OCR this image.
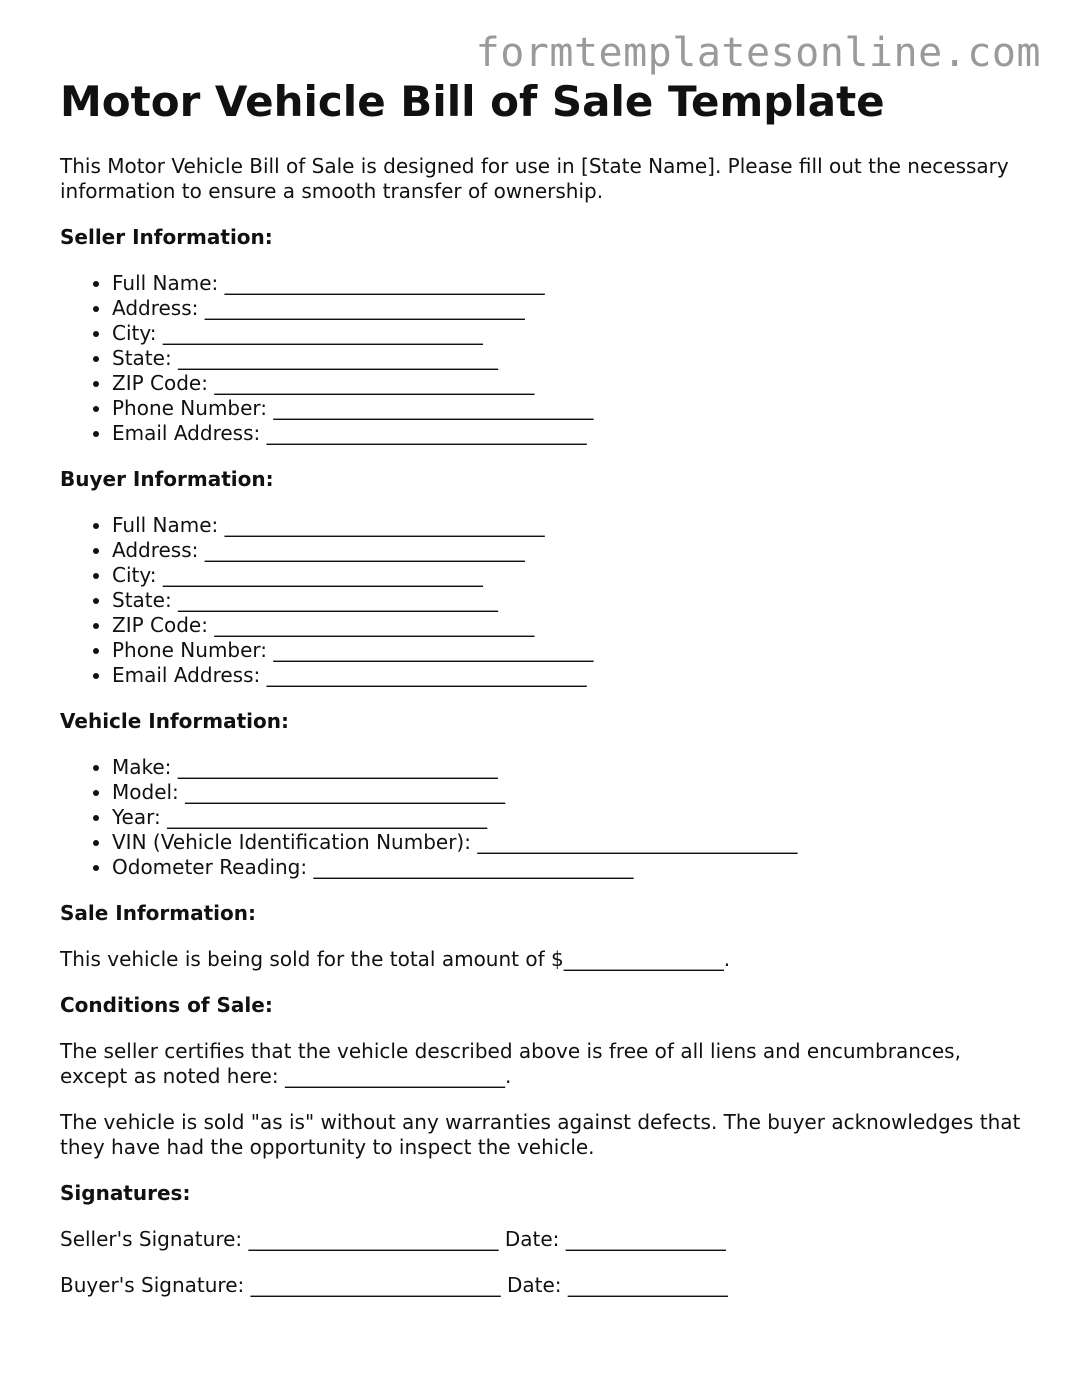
formtemplatesonline.com
Motor Vehicle Bill of Sale Template

This Motor Vehicle Bill of Sale is designed for use in [State Name]. Please fill out the necessary information to ensure a smooth transfer of ownership.

Seller Information:
• Full Name: ________________________________
• Address: ________________________________
• City: ________________________________
• State: ________________________________
• ZIP Code: ________________________________
• Phone Number: ________________________________
• Email Address: ________________________________
Buyer Information:
• Full Name: ________________________________
• Address: ________________________________
• City: ________________________________
• State: ________________________________
• ZIP Code: ________________________________
• Phone Number: ________________________________
• Email Address: ________________________________
Vehicle Information:
• Make: ________________________________
• Model: ________________________________
• Year: ________________________________
• VIN (Vehicle Identification Number): ________________________________
• Odometer Reading: ________________________________
Sale Information:

This vehicle is being sold for the total amount of $________________.

Conditions of Sale:

The seller certifies that the vehicle described above is free of all liens and encumbrances, except as noted here: ______________________.

The vehicle is sold "as is" without any warranties against defects. The buyer acknowledges that they have had the opportunity to inspect the vehicle.

Signatures:

Seller's Signature: _________________________ Date: ________________

Buyer's Signature: _________________________ Date: ________________
